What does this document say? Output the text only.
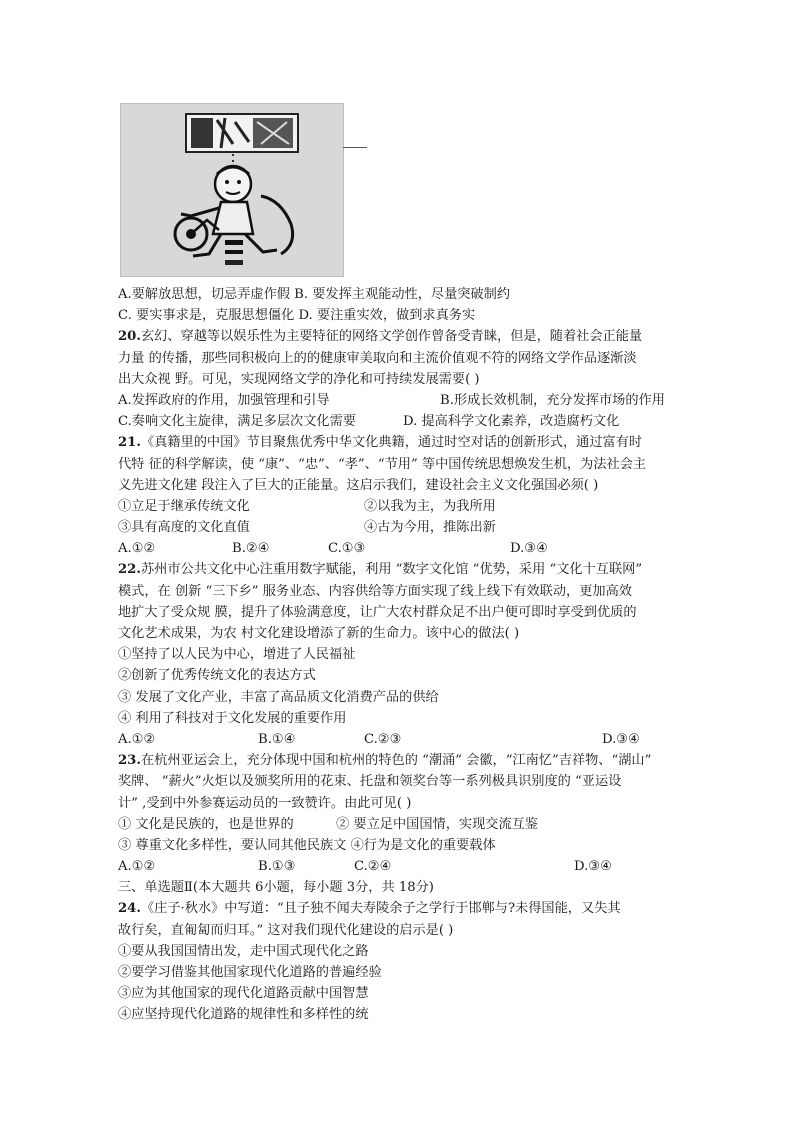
A.要解放思想，切忌弄虚作假 B. 要发挥主观能动性，尽量突破制约
C. 要实事求是，克服思想僵化 D. 要注重实效，做到求真务实
20.玄幻、穿越等以娱乐性为主要特征的网络文学创作曾备受青睐，但是，随着社会正能量
力量 的传播，那些同积极向上的的健康审美取向和主流价值观不符的网络文学作品逐渐淡
出大众视 野。可见，实现网络文学的净化和可持续发展需要( )
A.发挥政府的作用，加强管理和引导	B.形成长效机制，充分发挥市场的作用
C.奏响文化主旋律，满足多层次文化需要	D. 提高科学文化素养，改造腐朽文化
21.《真籍里的中国》节目聚焦优秀中华文化典籍，通过时空对话的创新形式，通过富有时
代特 征的科学解读，使 “康”、“忠”、“孝”、“节用” 等中国传统思想焕发生机，为法社会主
义先进文化建 段注入了巨大的正能量。这启示我们，建设社会主义文化强国必须( )
①立足于继承传统文化	②以我为主，为我所用
③具有高度的文化直值	④古为今用，推陈出新
A.①②	B.②④	C.①③	D.③④
22.苏州市公共文化中心注重用数字赋能，利用 “数字文化馆 “优势，采用 “文化十互联网”
模式，在 创新 “三下乡” 服务业态、内容供给等方面实现了线上线下有效联动，更加高效
地扩大了受众规 膜，提升了体验满意度，让广大农村群众足不出户便可即时享受到优质的
文化艺术成果，为农 村文化建设增添了新的生命力。该中心的做法( )
①坚持了以人民为中心，增进了人民福祉
②创新了优秀传统文化的表达方式
③ 发展了文化产业，丰富了高品质文化消费产品的供给
④ 利用了科技对于文化发展的重要作用
A.①②	B.①④	C.②③	D.③④
23.在杭州亚运会上，充分体现中国和杭州的特色的 “潮涌” 会徽，“江南忆”吉祥物、“湖山”
奖牌、 “薪火”火炬以及颁奖所用的花束、托盘和领奖台等一系列极具识别度的 “亚运设
计” ,受到中外参赛运动员的一致赞许。由此可见( )
① 文化是民族的，也是世界的	② 要立足中国国情，实现交流互鉴
③ 尊重文化多样性，要认同其他民族文 ④行为是文化的重要载体
A.①②	B.①③	C.②④	D.③④
三、单选题Ⅱ(本大题共 6小题，每小题 3分，共 18分)
24.《庄子·秋水》中写道：“且子独不闻夫寿陵余子之学行于邯郸与?未得国能，又失其
故行矣，直匍匐而归耳。” 这对我们现代化建设的启示是( )
①要从我国国情出发，走中国式现代化之路
②要学习借鉴其他国家现代化道路的普遍经验
③应为其他国家的现代化道路贡献中国智慧
④应坚持现代化道路的规律性和多样性的统
